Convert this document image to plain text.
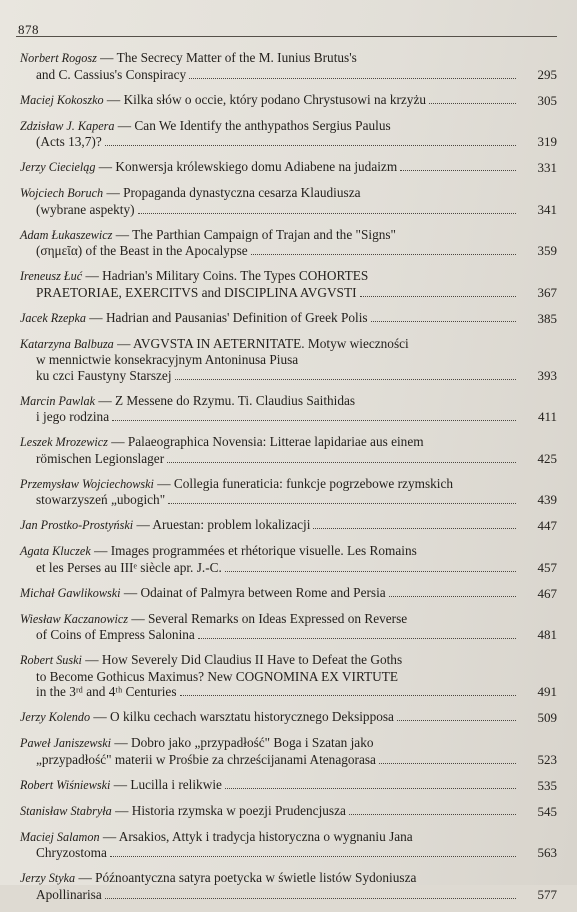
878
Norbert Rogosz — The Secrecy Matter of the M. Iunius Brutus's
and C. Cassius's Conspiracy	295
Maciej Kokoszko — Kilka słów o occie, który podano Chrystusowi na krzyżu	305
Zdzisław J. Kapera — Can We Identify the anthypathos Sergius Paulus
(Acts 13,7)?	319
Jerzy Ciecieląg — Konwersja królewskiego domu Adiabene na judaizm	331
Wojciech Boruch — Propaganda dynastyczna cesarza Klaudiusza
(wybrane aspekty)	341
Adam Łukaszewicz — The Parthian Campaign of Trajan and the "Signs"
(σημεῖα) of the Beast in the Apocalypse	359
Ireneusz Łuć — Hadrian's Military Coins. The Types COHORTES
PRAETORIAE, EXERCITVS and DISCIPLINA AVGVSTI	367
Jacek Rzepka — Hadrian and Pausanias' Definition of Greek Polis	385
Katarzyna Balbuza — AVGVSTA IN AETERNITATE. Motyw wieczności
w mennictwie konsekracyjnym Antoninusa Piusa
ku czci Faustyny Starszej	393
Marcin Pawlak — Z Messene do Rzymu. Ti. Claudius Saithidas
i jego rodzina	411
Leszek Mrozewicz — Palaeographica Novensia: Litterae lapidariae aus einem
römischen Legionslager	425
Przemysław Wojciechowski — Collegia funeraticia: funkcje pogrzebowe rzymskich
stowarzyszeń „ubogich"	439
Jan Prostko-Prostyński — Aruestan: problem lokalizacji	447
Agata Kluczek — Images programmées et rhétorique visuelle. Les Romains
et les Perses au IIIᵉ siècle apr. J.-C.	457
Michał Gawlikowski — Odainat of Palmyra between Rome and Persia	467
Wiesław Kaczanowicz — Several Remarks on Ideas Expressed on Reverse
of Coins of Empress Salonina	481
Robert Suski — How Severely Did Claudius II Have to Defeat the Goths
to Become Gothicus Maximus? New COGNOMINA EX VIRTUTE
in the 3ʳᵈ and 4ᵗʰ Centuries	491
Jerzy Kolendo — O kilku cechach warsztatu historycznego Deksipposa	509
Paweł Janiszewski — Dobro jako „przypadłość" Boga i Szatan jako
„przypadłość" materii w Prośbie za chrześcijanami Atenagorasa	523
Robert Wiśniewski — Lucilla i relikwie	535
Stanisław Stabryła — Historia rzymska w poezji Prudencjusza	545
Maciej Salamon — Arsakios, Attyk i tradycja historyczna o wygnaniu Jana
Chryzostoma	563
Jerzy Styka — Późnoantyczna satyra poetycka w świetle listów Sydoniusza
Apollinarisa	577
